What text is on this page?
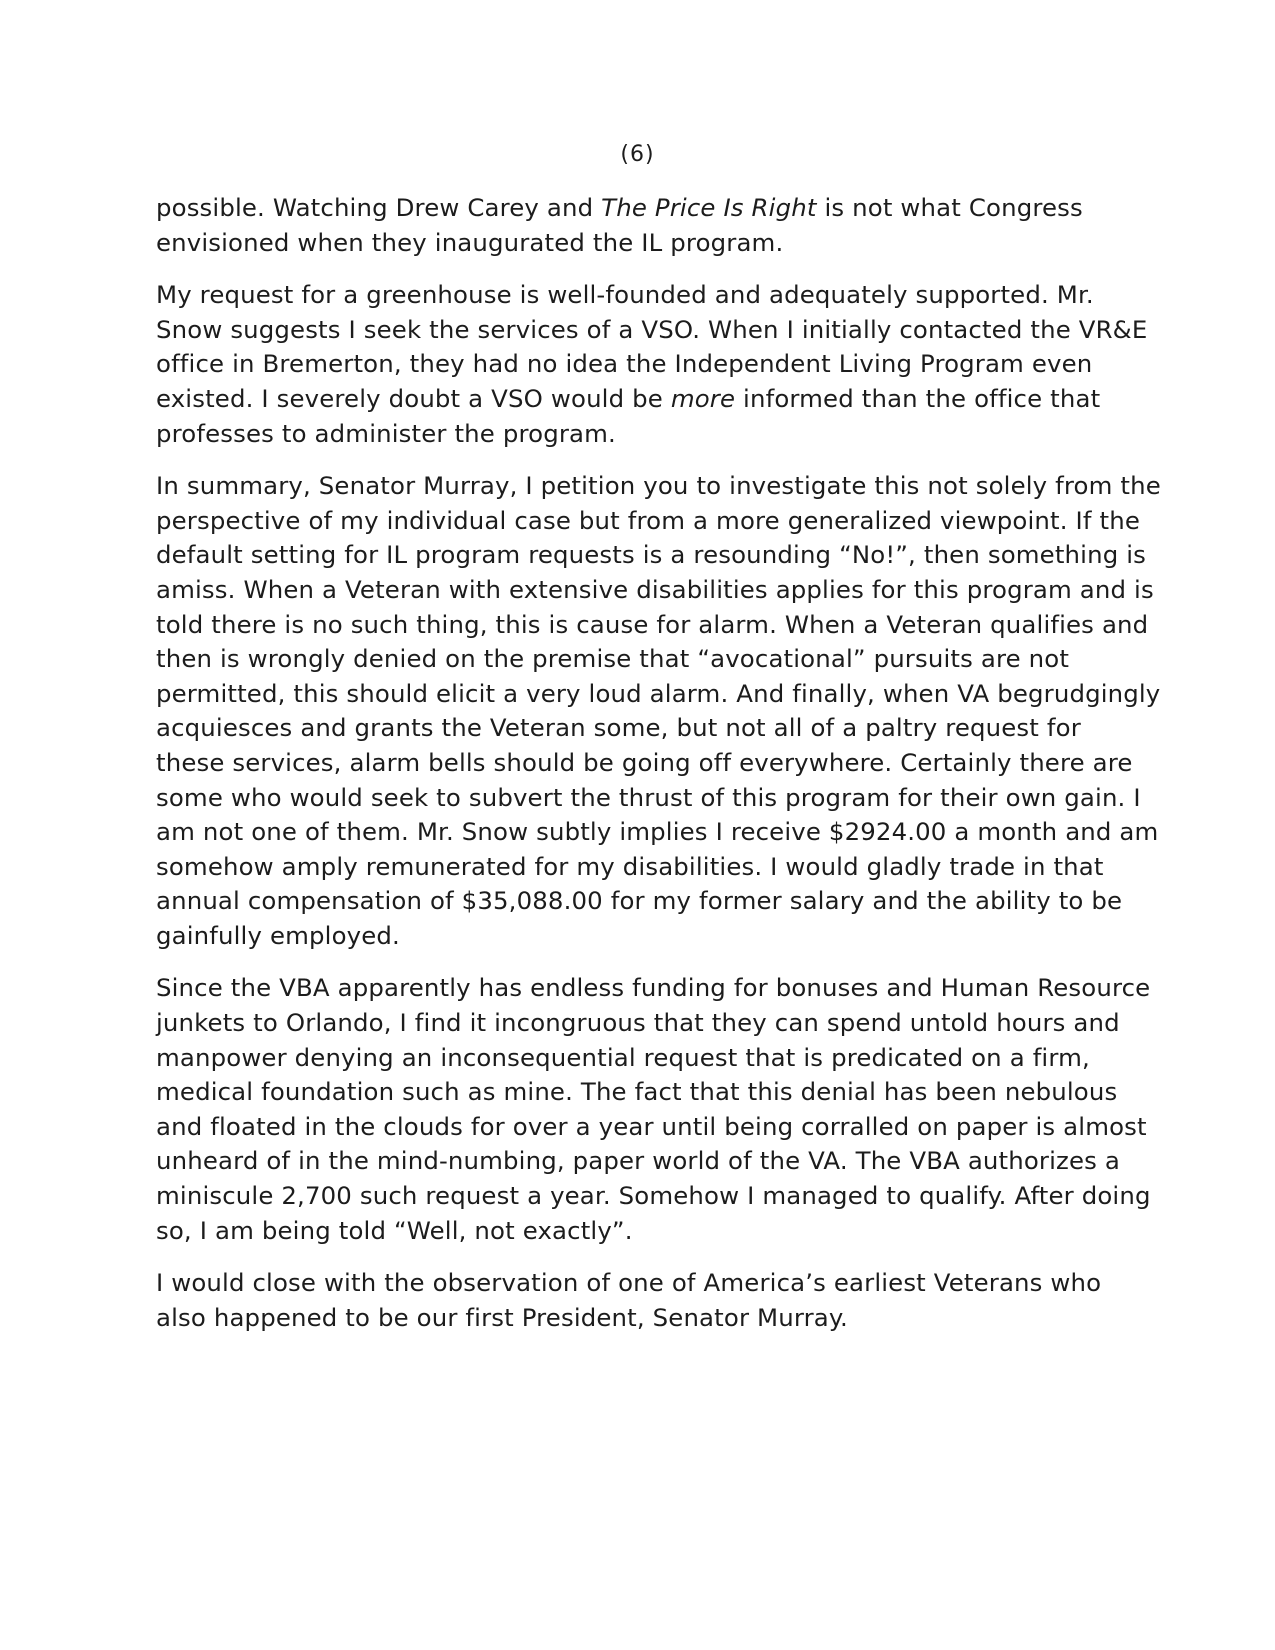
(6)

possible. Watching Drew Carey and The Price Is Right is not what Congress
envisioned when they inaugurated the IL program.

My request for a greenhouse is well-founded and adequately supported. Mr.
Snow suggests I seek the services of a VSO. When I initially contacted the VR&E
office in Bremerton, they had no idea the Independent Living Program even
existed. I severely doubt a VSO would be more informed than the office that
professes to administer the program.

In summary, Senator Murray, I petition you to investigate this not solely from the
perspective of my individual case but from a more generalized viewpoint. If the
default setting for IL program requests is a resounding “No!”, then something is
amiss. When a Veteran with extensive disabilities applies for this program and is
told there is no such thing, this is cause for alarm. When a Veteran qualifies and
then is wrongly denied on the premise that “avocational” pursuits are not
permitted, this should elicit a very loud alarm. And finally, when VA begrudgingly
acquiesces and grants the Veteran some, but not all of a paltry request for
these services, alarm bells should be going off everywhere. Certainly there are
some who would seek to subvert the thrust of this program for their own gain. I
am not one of them. Mr. Snow subtly implies I receive $2924.00 a month and am
somehow amply remunerated for my disabilities. I would gladly trade in that
annual compensation of $35,088.00 for my former salary and the ability to be
gainfully employed.

Since the VBA apparently has endless funding for bonuses and Human Resource
junkets to Orlando, I find it incongruous that they can spend untold hours and
manpower denying an inconsequential request that is predicated on a firm,
medical foundation such as mine. The fact that this denial has been nebulous
and floated in the clouds for over a year until being corralled on paper is almost
unheard of in the mind-numbing, paper world of the VA. The VBA authorizes a
miniscule 2,700 such request a year. Somehow I managed to qualify. After doing
so, I am being told “Well, not exactly”.

I would close with the observation of one of America’s earliest Veterans who
also happened to be our first President, Senator Murray.
